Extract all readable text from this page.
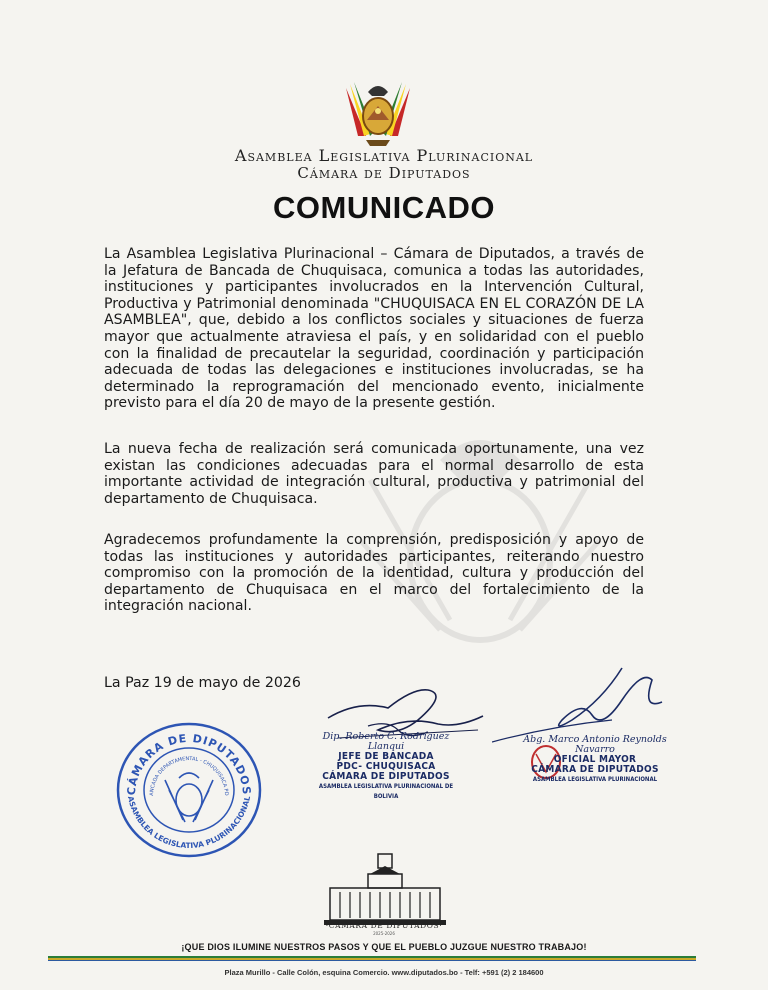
Asamblea Legislativa Plurinacional
Cámara de Diputados
COMUNICADO
La Asamblea Legislativa Plurinacional – Cámara de Diputados, a través de la Jefatura de Bancada de Chuquisaca, comunica a todas las autoridades, instituciones y participantes involucrados en la Intervención Cultural, Productiva y Patrimonial denominada "CHUQUISACA EN EL CORAZÓN DE LA ASAMBLEA", que, debido a los conflictos sociales y situaciones de fuerza mayor que actualmente atraviesa el país, y en solidaridad con el pueblo con la finalidad de precautelar la seguridad, coordinación y participación adecuada de todas las delegaciones e instituciones involucradas, se ha determinado la reprogramación del mencionado evento, inicialmente previsto para el día 20 de mayo de la presente gestión.
La nueva fecha de realización será comunicada oportunamente, una vez existan las condiciones adecuadas para el normal desarrollo de esta importante actividad de integración cultural, productiva y patrimonial del departamento de Chuquisaca.
Agradecemos profundamente la comprensión, predisposición y apoyo de todas las instituciones y autoridades participantes, reiterando nuestro compromiso con la promoción de la identidad, cultura y producción del departamento de Chuquisaca en el marco del fortalecimiento de la integración nacional.
La Paz 19 de mayo de 2026
CÁMARA DE DIPUTADOS
ASAMBLEA LEGISLATIVA PLURINACIONAL
ANCADA DEPARTAMENTAL - CHUQUISACA PD
Dip. Roberto C. Rodríguez Llanqui
JEFE DE BANCADA
PDC- CHUQUISACA
CÁMARA DE DIPUTADOS
ASAMBLEA LEGISLATIVA PLURINACIONAL DE BOLIVIA
Abg. Marco Antonio Reynolds Navarro
OFICIAL MAYOR
CÁMARA DE DIPUTADOS
ASAMBLEA LEGISLATIVA PLURINACIONAL
·CÁMARA DE DIPUTADOS·
2025-2026
¡QUE DIOS ILUMINE NUESTROS PASOS Y QUE EL PUEBLO JUZGUE NUESTRO TRABAJO!
Plaza Murillo - Calle Colón, esquina Comercio. www.diputados.bo - Telf: +591 (2) 2 184600
